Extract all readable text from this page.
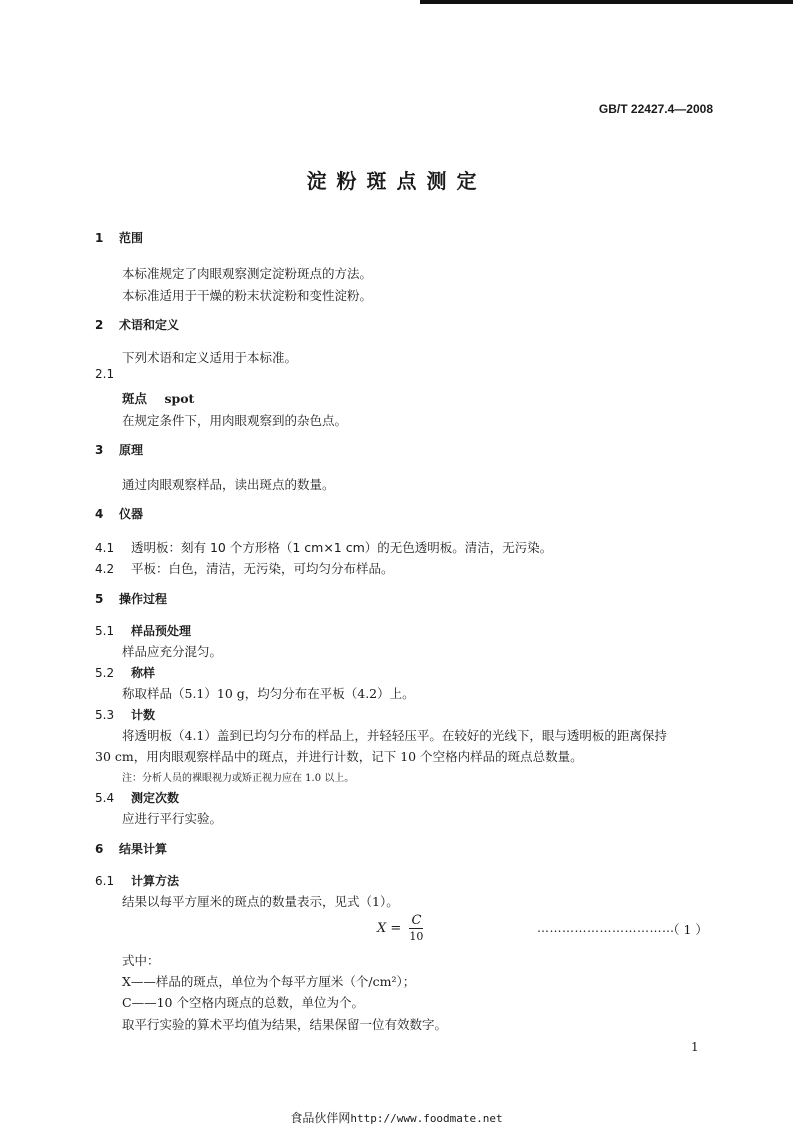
GB/T 22427.4—2008
淀粉斑点测定
1 范围
本标准规定了肉眼观察测定淀粉斑点的方法。
本标准适用于干燥的粉末状淀粉和变性淀粉。
2 术语和定义
下列术语和定义适用于本标准。
2.1
斑点 spot
在规定条件下，用肉眼观察到的杂色点。
3 原理
通过肉眼观察样品，读出斑点的数量。
4 仪器
4.1 透明板：刻有 10 个方形格（1 cm×1 cm）的无色透明板。清洁，无污染。
4.2 平板：白色，清洁，无污染，可均匀分布样品。
5 操作过程
5.1 样品预处理
样品应充分混匀。
5.2 称样
称取样品（5.1）10 g，均匀分布在平板（4.2）上。
5.3 计数
将透明板（4.1）盖到已均匀分布的样品上，并轻轻压平。在较好的光线下，眼与透明板的距离保持
30 cm，用肉眼观察样品中的斑点，并进行计数，记下 10 个空格内样品的斑点总数量。
注：分析人员的裸眼视力或矫正视力应在 1.0 以上。
5.4 测定次数
应进行平行实验。
6 结果计算
6.1 计算方法
结果以每平方厘米的斑点的数量表示，见式（1）。
$X = \frac{C}{10}$	……………………………
（ 1 ）
式中：
X——样品的斑点，单位为个每平方厘米（个/cm²）；
C——10 个空格内斑点的总数，单位为个。
取平行实验的算术平均值为结果，结果保留一位有效数字。
1
食品伙伴网http://www.foodmate.net
